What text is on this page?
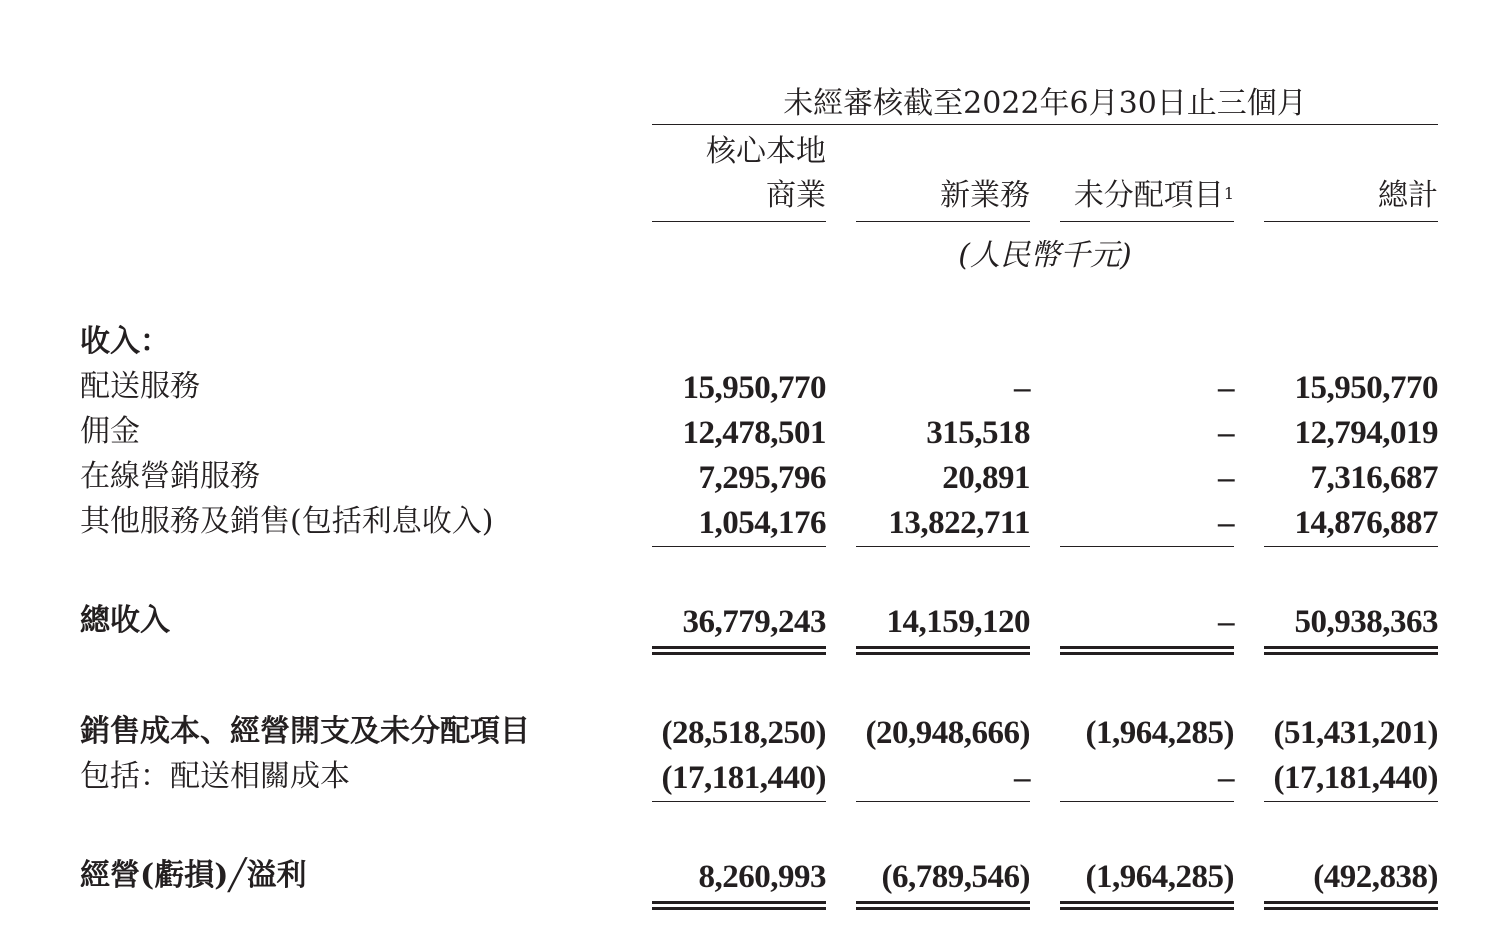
未經審核截至2022年6月30日止三個月
核心本地
商業	新業務	未分配項目$^1$	總計
(人民幣千元)
收入：
配送服務	15,950,770	–	–	15,950,770
佣金	12,478,501	315,518	–	12,794,019
在線營銷服務	7,295,796	20,891	–	7,316,687
其他服務及銷售(包括利息收入)	1,054,176	13,822,711	–	14,876,887
總收入	36,779,243	14,159,120	–	50,938,363
銷售成本、經營開支及未分配項目	(28,518,250) (20,948,666)	(1,964,285) (51,431,201)
包括：配送相關成本	(17,181,440)	–	– (17,181,440)
經營(虧損)╱溢利	8,260,993	(6,789,546)	(1,964,285)	(492,838)
